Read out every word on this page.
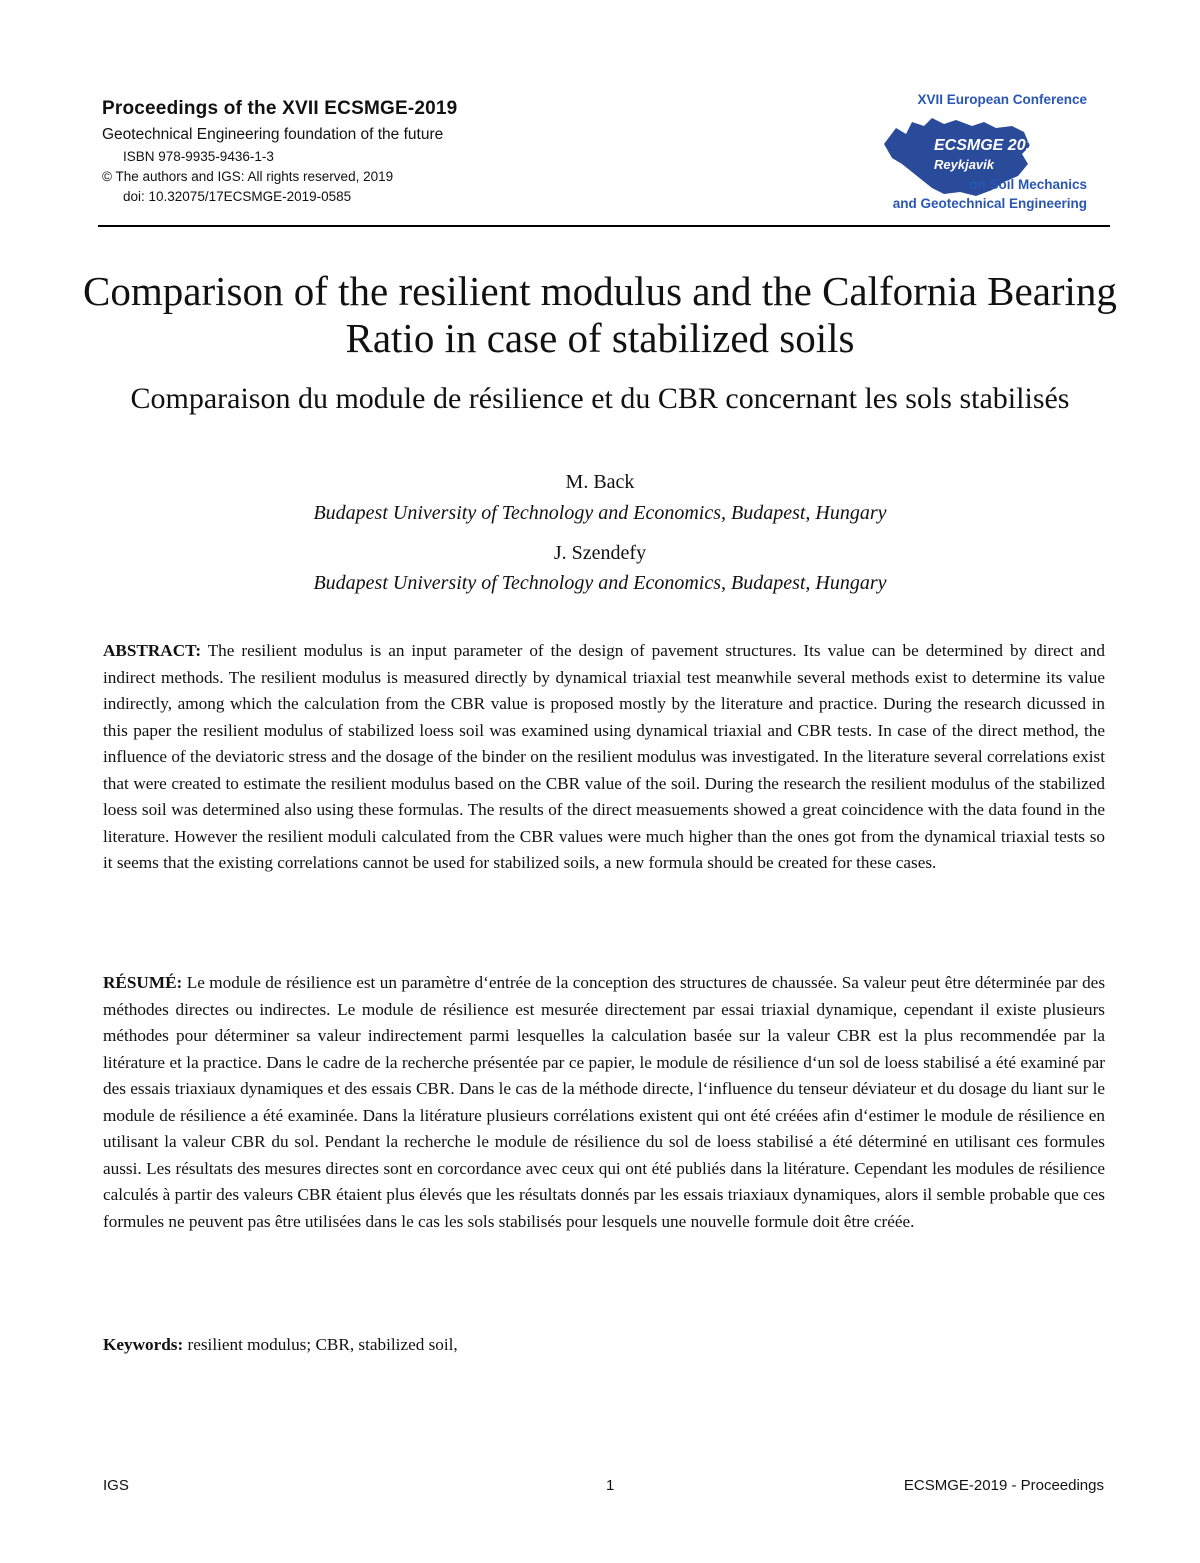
Proceedings of the XVII ECSMGE-2019
Geotechnical Engineering foundation of the future
ISBN 978-9935-9436-1-3
© The authors and IGS: All rights reserved, 2019
doi: 10.32075/17ECSMGE-2019-0585
XVII European Conference
ECSMGE 2019
Reykjavik
on Soil Mechanics
and Geotechnical Engineering
Comparison of the resilient modulus and the Calfornia Bearing Ratio in case of stabilized soils
Comparaison du module de résilience et du CBR concernant les sols stabilisés
M. Back
Budapest University of Technology and Economics, Budapest, Hungary
J. Szendefy
Budapest University of Technology and Economics, Budapest, Hungary

ABSTRACT: The resilient modulus is an input parameter of the design of pavement structures. Its value can be determined by direct and indirect methods. The resilient modulus is measured directly by dynamical triaxial test meanwhile several methods exist to determine its value indirectly, among which the calculation from the CBR value is proposed mostly by the literature and practice. During the research dicussed in this paper the resilient modulus of stabilized loess soil was examined using dynamical triaxial and CBR tests. In case of the direct method, the influence of the deviatoric stress and the dosage of the binder on the resilient modulus was investigated. In the literature several correlations exist that were created to estimate the resilient modulus based on the CBR value of the soil. During the research the resilient modulus of the stabilized loess soil was determined also using these formulas. The results of the direct measuements showed a great coincidence with the data found in the literature. However the resilient moduli calculated from the CBR values were much higher than the ones got from the dynamical triaxial tests so it seems that the existing correlations cannot be used for stabilized soils, a new formula should be created for these cases.

RÉSUMÉ: Le module de résilience est un paramètre d‘entrée de la conception des structures de chaussée. Sa valeur peut être déterminée par des méthodes directes ou indirectes. Le module de résilience est mesurée directement par essai triaxial dynamique, cependant il existe plusieurs méthodes pour déterminer sa valeur indirectement parmi lesquelles la calculation basée sur la valeur CBR est la plus recommendée par la litérature et la practice. Dans le cadre de la recherche présentée par ce papier, le module de résilience d‘un sol de loess stabilisé a été examiné par des essais triaxiaux dynamiques et des essais CBR. Dans le cas de la méthode directe, l‘influence du tenseur déviateur et du dosage du liant sur le module de résilience a été examinée. Dans la litérature plusieurs corrélations existent qui ont été créées afin d‘estimer le module de résilience en utilisant la valeur CBR du sol. Pendant la recherche le module de résilience du sol de loess stabilisé a été déterminé en utilisant ces formules aussi. Les résultats des mesures directes sont en corcordance avec ceux qui ont été publiés dans la litérature. Cependant les modules de résilience calculés à partir des valeurs CBR étaient plus élevés que les résultats donnés par les essais triaxiaux dynamiques, alors il semble probable que ces formules ne peuvent pas être utilisées dans le cas les sols stabilisés pour lesquels une nouvelle formule doit être créée.

Keywords: resilient modulus; CBR, stabilized soil,

IGS	1	ECSMGE-2019 - Proceedings
